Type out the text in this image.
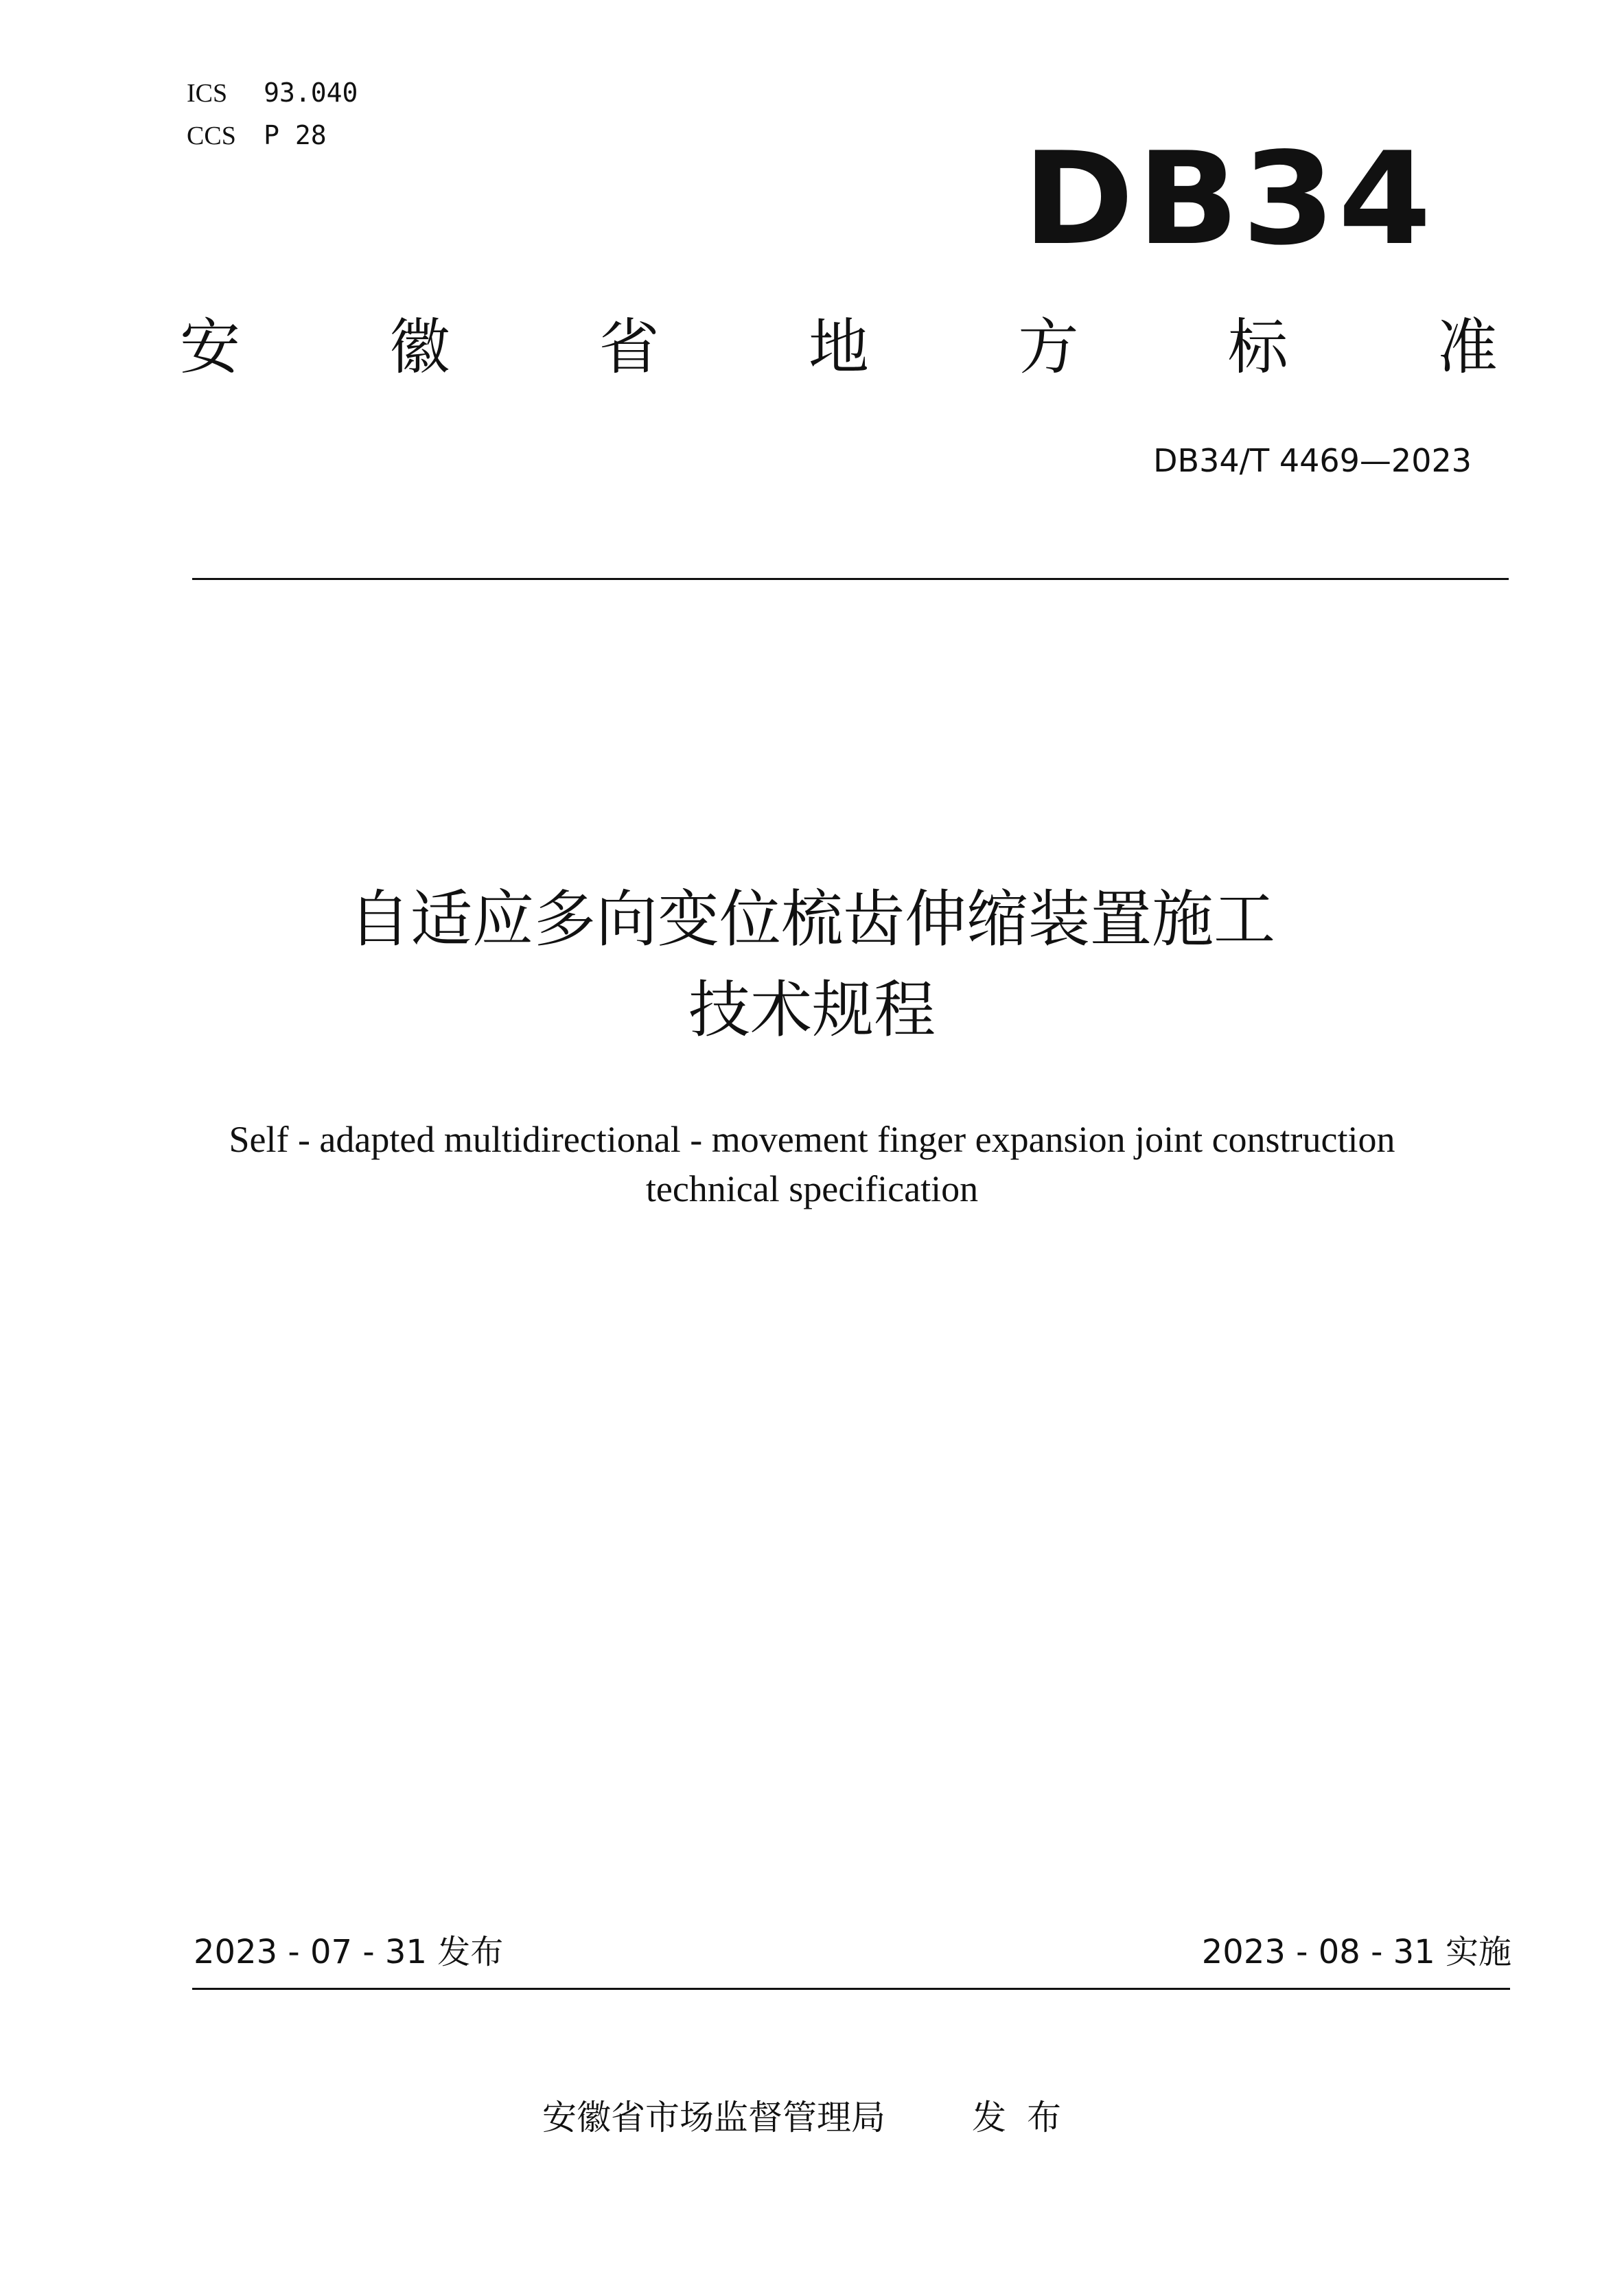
ICS 93.040
CCS P 28	DB34
安 徽 省 地 方 标 准
DB34/T 4469—2023
自适应多向变位梳齿伸缩装置施工
技术规程
Self - adapted multidirectional - movement finger expansion joint construction
technical specification
2023 - 07 - 31 发布	2023 - 08 - 31 实施
安徽省市场监督管理局	发布
